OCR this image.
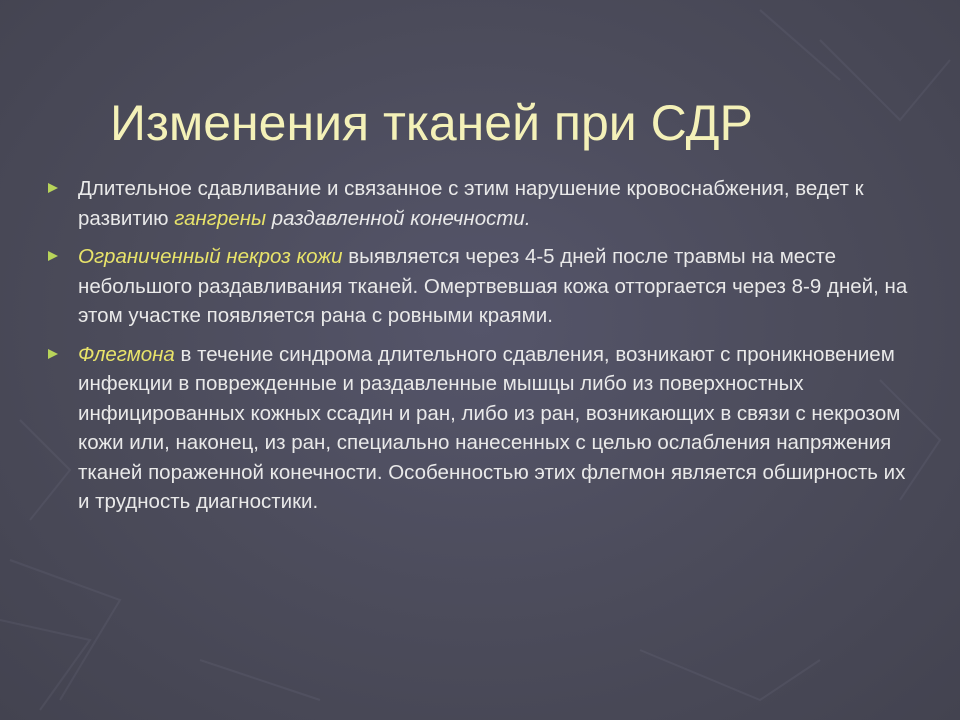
Изменения тканей при СДР
Длительное сдавливание и связанное с этим нарушение кровоснабжения, ведет к развитию гангрены раздавленной конечности.
Ограниченный некроз кожи выявляется через 4-5 дней после травмы на месте небольшого раздавливания тканей. Омертвевшая кожа отторгается через 8-9 дней, на этом участке появляется рана с ровными краями.
Флегмона в течение синдрома длительного сдавления, возникают с проникновением инфекции в поврежденные и раздавленные мышцы либо из поверхностных инфицированных кожных ссадин и ран, либо из ран, возникающих в связи с некрозом кожи или, наконец, из ран, специально нанесенных с целью ослабления напряжения тканей пораженной конечности. Особенностью этих флегмон является обширность их и трудность диагностики.
